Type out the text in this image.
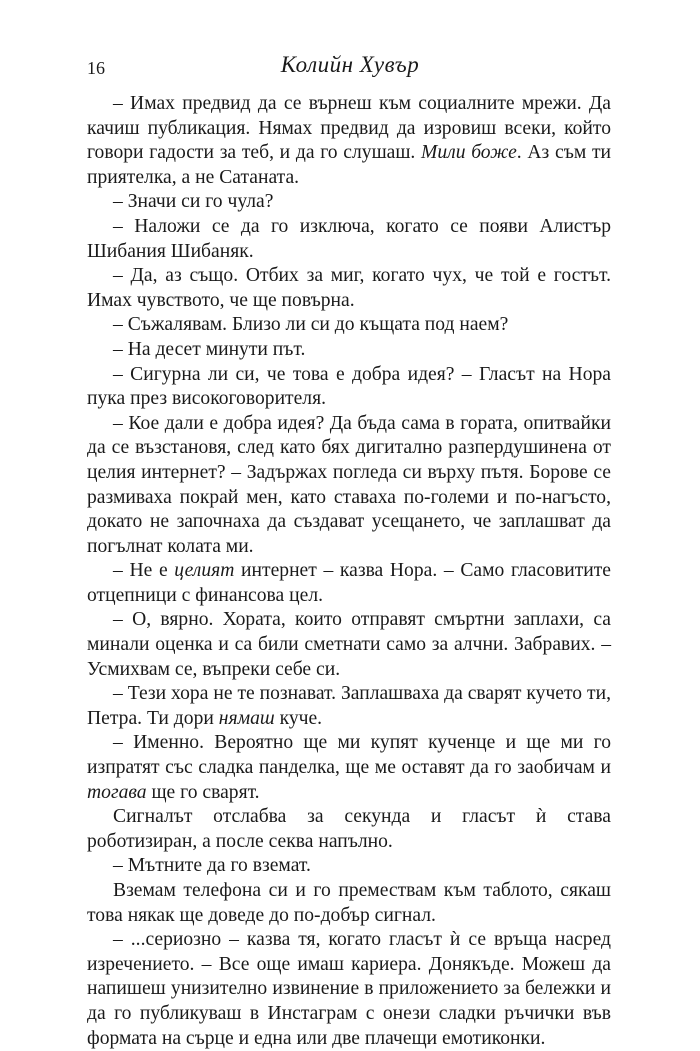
16	Колийн Хувър

– Имах предвид да се върнеш към социалните мрежи. Да качиш публикация. Нямах предвид да изровиш всеки, който говори гадости за теб, и да го слушаш. Мили боже. Аз съм ти приятелка, а не Сатаната.

– Значи си го чула?

– Наложи се да го изключа, когато се появи Алистър Шибания Шибаняк.

– Да, аз също. Отбих за миг, когато чух, че той е гостът. Имах чувството, че ще повърна.

– Съжалявам. Близо ли си до къщата под наем?

– На десет минути път.

– Сигурна ли си, че това е добра идея? – Гласът на Нора пука през високоговорителя.

– Кое дали е добра идея? Да бъда сама в гората, опитвайки да се възстановя, след като бях дигитално разпердушинена от целия интернет? – Задържах погледа си върху пътя. Борове се размиваха покрай мен, като ставаха по-големи и по-нагъсто, докато не започнаха да създават усещането, че заплашват да погълнат колата ми.

– Не е целият интернет – казва Нора. – Само гласовитите отцепници с финансова цел.

– О, вярно. Хората, които отправят смъртни заплахи, са минали оценка и са били сметнати само за алчни. Забравих. – Усмихвам се, въпреки себе си.

– Тези хора не те познават. Заплашваха да сварят кучето ти, Петра. Ти дори нямаш куче.

– Именно. Вероятно ще ми купят кученце и ще ми го изпратят със сладка панделка, ще ме оставят да го заобичам и тогава ще го сварят.

Сигналът отслабва за секунда и гласът ѝ става роботизиран, а после секва напълно.

– Мътните да го вземат.

Вземам телефона си и го премествам към таблото, сякаш това някак ще доведе до по-добър сигнал.

– ...сериозно – казва тя, когато гласът ѝ се връща насред изречението. – Все още имаш кариера. Донякъде. Можеш да напишеш унизително извинение в приложението за бележки и да го публикуваш в Инстаграм с онези сладки ръчички във формата на сърце и една или две плачещи емотиконки.
